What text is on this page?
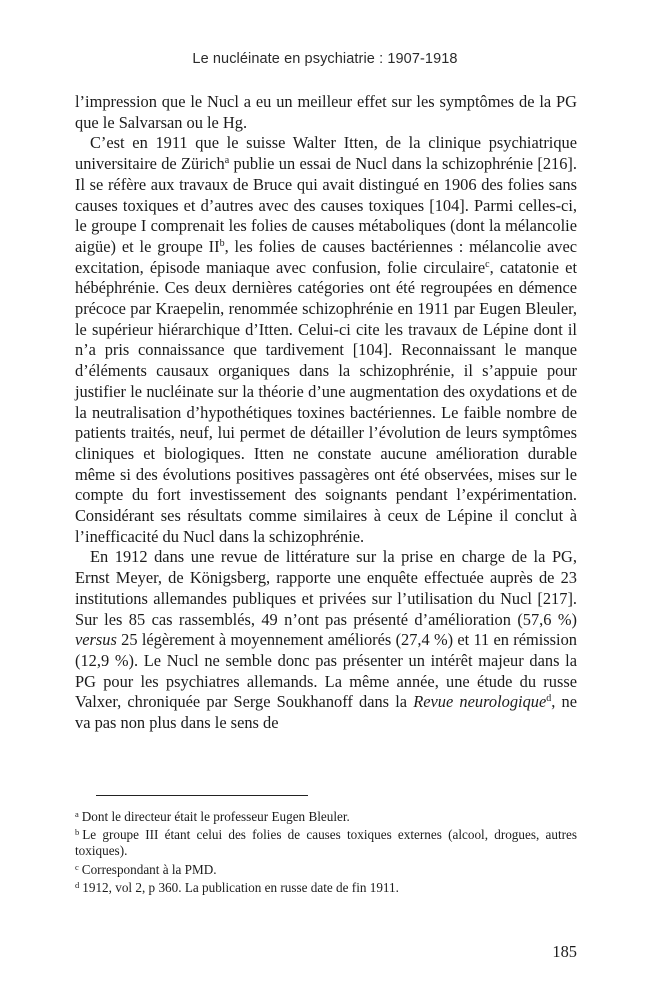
Le nucléinate en psychiatrie : 1907-1918

l’impression que le Nucl a eu un meilleur effet sur les symptômes de la PG que le Salvarsan ou le Hg.

C’est en 1911 que le suisse Walter Itten, de la clinique psychiatrique universitaire de Zürich$^a$ publie un essai de Nucl dans la schizophrénie [216]. Il se réfère aux travaux de Bruce qui avait distingué en 1906 des folies sans causes toxiques et d’autres avec des causes toxiques [104]. Parmi celles-ci, le groupe I comprenait les folies de causes métaboliques (dont la mélancolie aigüe) et le groupe $II^b$, les folies de causes bactériennes : mélancolie avec excitation, épisode maniaque avec confusion, folie circulaire$^c$, catatonie et hébéphrénie. Ces deux dernières catégories ont été regroupées en démence précoce par Kraepelin, renommée schizophrénie en 1911 par Eugen Bleuler, le supérieur hiérarchique d’Itten. Celui-ci cite les travaux de Lépine dont il n’a pris connaissance que tardivement [104]. Reconnaissant le manque d’éléments causaux organiques dans la schizophrénie, il s’appuie pour justifier le nucléinate sur la théorie d’une augmentation des oxydations et de la neutralisation d’hypothétiques toxines bactériennes. Le faible nombre de patients traités, neuf, lui permet de détailler l’évolution de leurs symptômes cliniques et biologiques. Itten ne constate aucune amélioration durable même si des évolutions positives passagères ont été observées, mises sur le compte du fort investissement des soignants pendant l’expérimentation. Considérant ses résultats comme similaires à ceux de Lépine il conclut à l’inefficacité du Nucl dans la schizophrénie.

En 1912 dans une revue de littérature sur la prise en charge de la PG, Ernst Meyer, de Königsberg, rapporte une enquête effectuée auprès de 23 institutions allemandes publiques et privées sur l’utilisation du Nucl [217]. Sur les 85 cas rassemblés, 49 n’ont pas présenté d’amélioration (57,6 %) versus 25 légèrement à moyennement améliorés (27,4 %) et 11 en rémission (12,9 %). Le Nucl ne semble donc pas présenter un intérêt majeur dans la PG pour les psychiatres allemands. La même année, une étude du russe Valxer, chroniquée par Serge Soukhanoff dans la Revue neurologique$^d$, ne va pas non plus dans le sens de

$^a$ Dont le directeur était le professeur Eugen Bleuler.
$^b$ Le groupe III étant celui des folies de causes toxiques externes (alcool, drogues, autres toxiques).
$^c$ Correspondant à la PMD.
$^d$ 1912, vol 2, p 360. La publication en russe date de fin 1911.
185
